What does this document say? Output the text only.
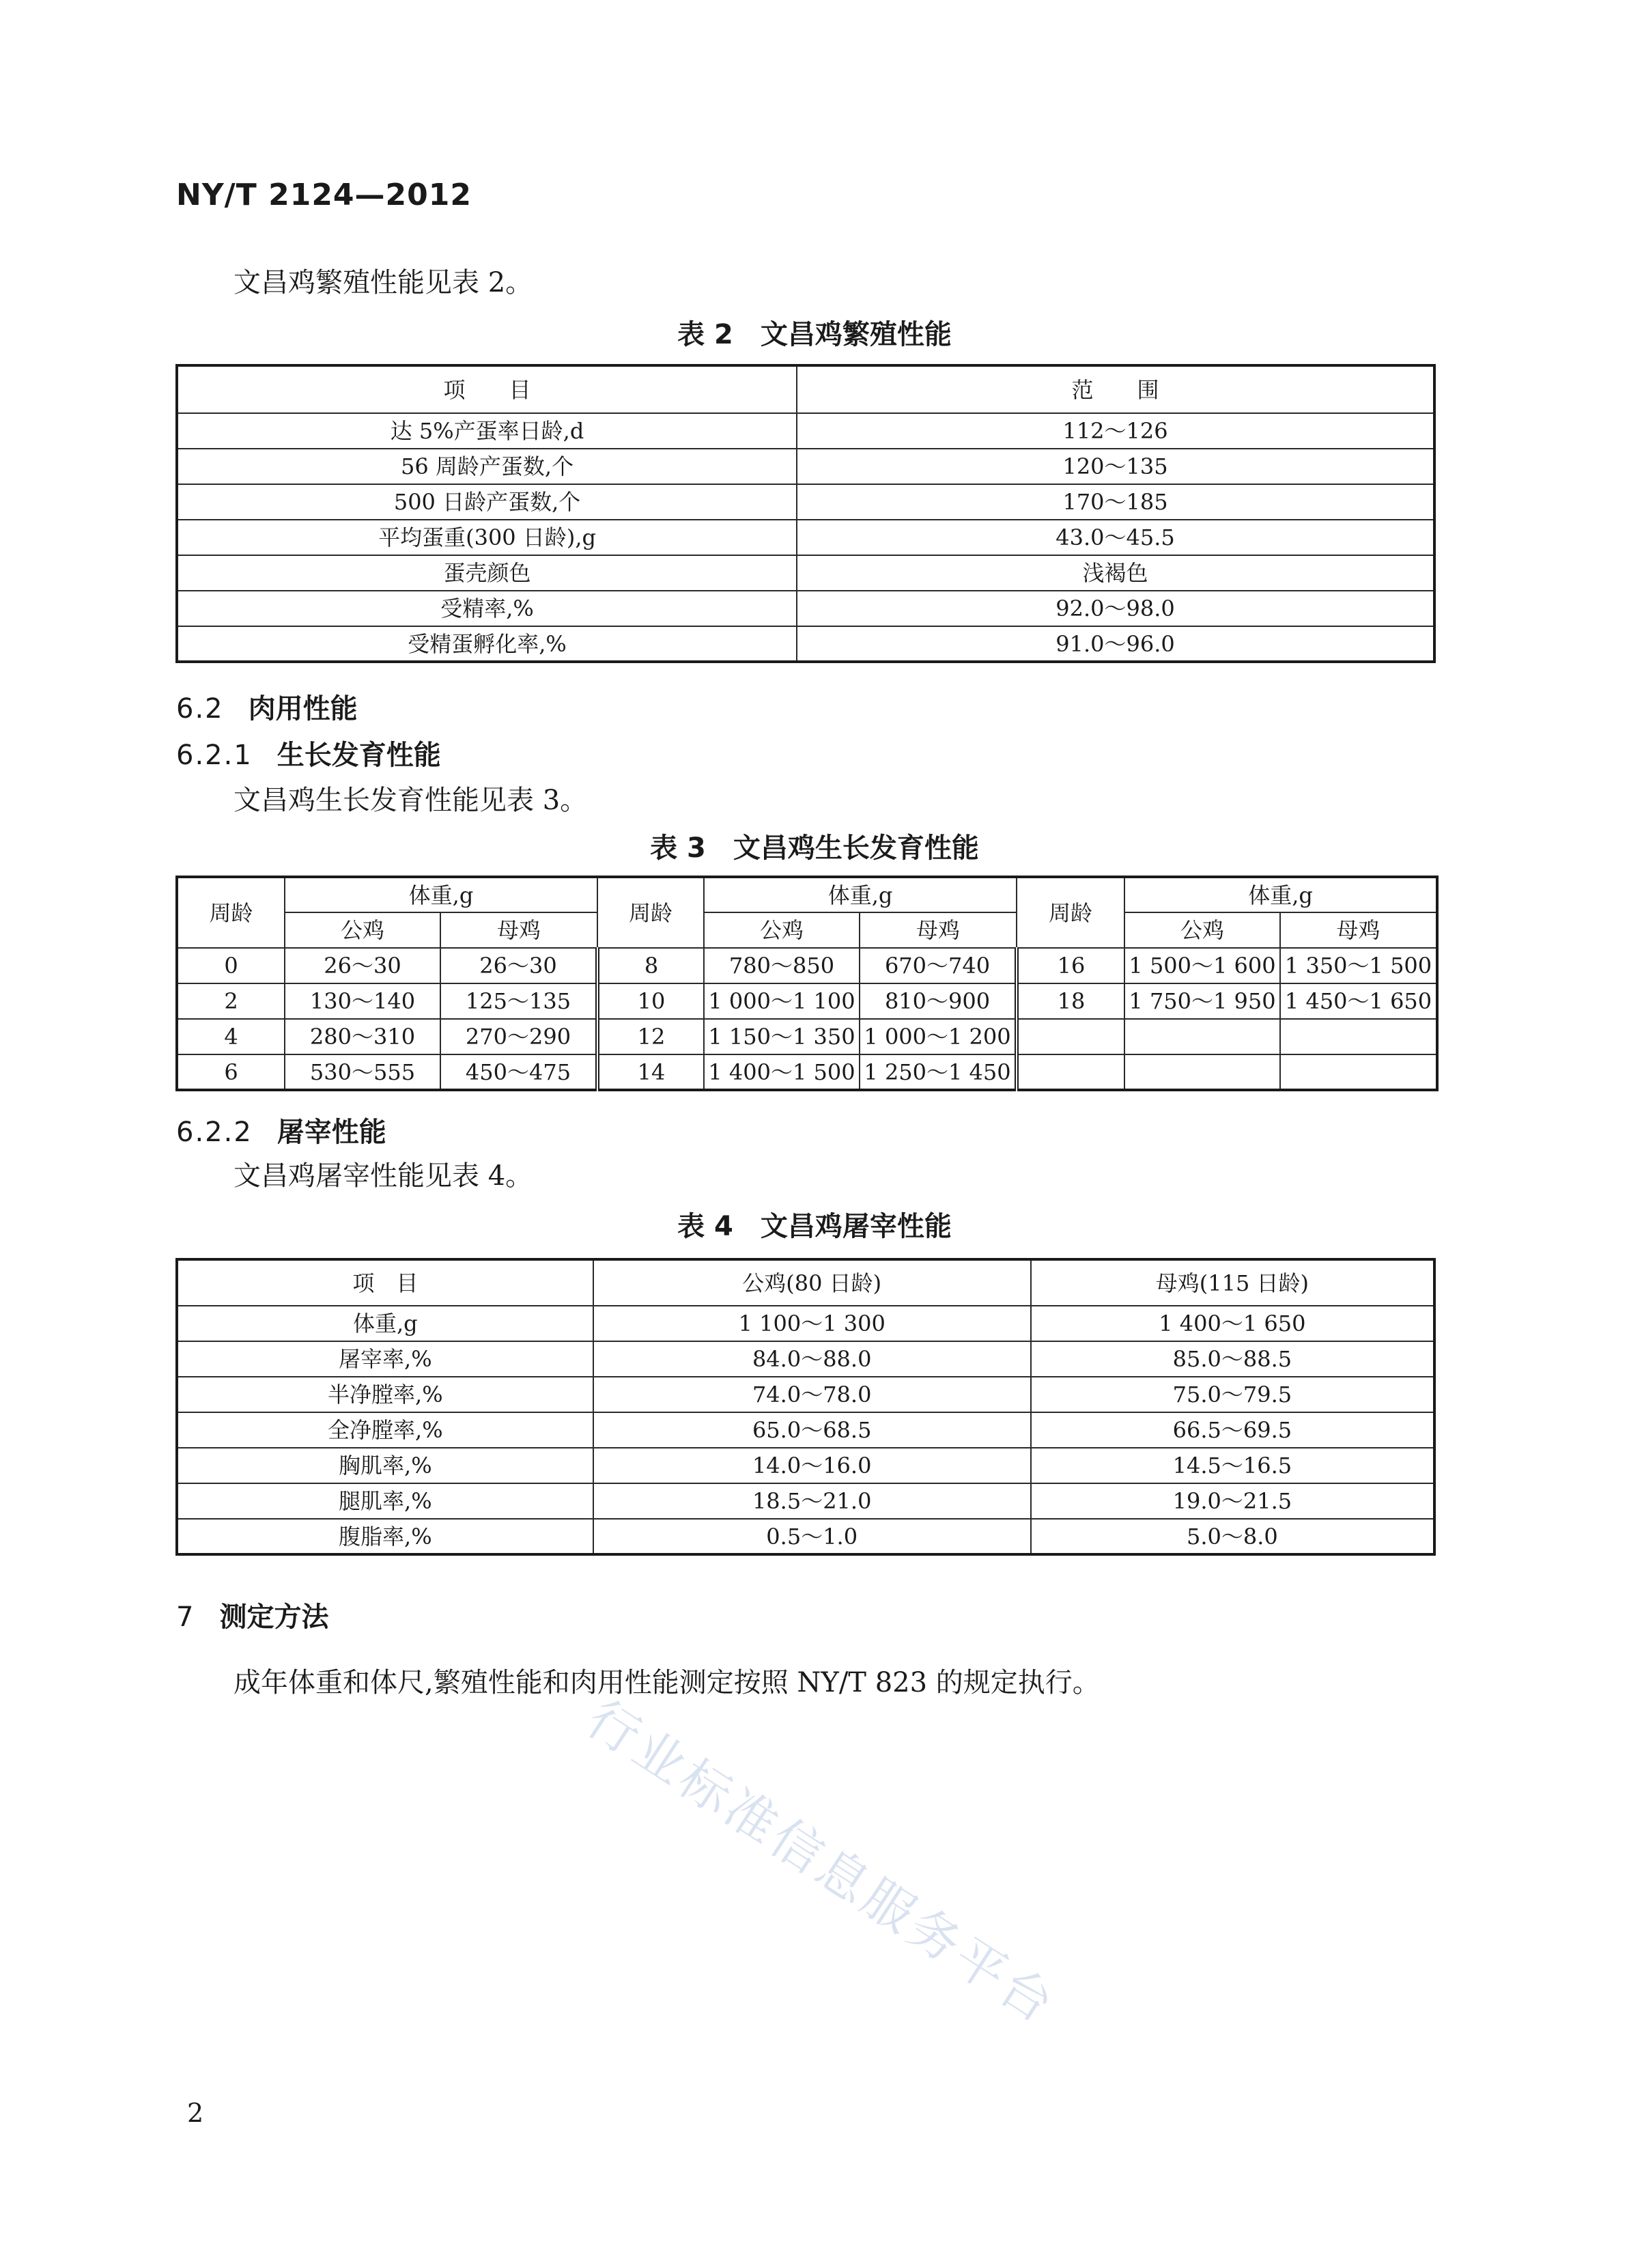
NY/T 2124—2012
文昌鸡繁殖性能见表 2。
表 2 文昌鸡繁殖性能
项　　目	范　　围
达 5%产蛋率日龄,d	112～126
56 周龄产蛋数,个	120～135
500 日龄产蛋数,个	170～185
平均蛋重(300 日龄),g	43.0～45.5
蛋壳颜色	浅褐色
受精率,%	92.0～98.0
受精蛋孵化率,%	91.0～96.0
6.2 肉用性能
6.2.1 生长发育性能
文昌鸡生长发育性能见表 3。
表 3 文昌鸡生长发育性能
周龄	体重,g		周龄	体重,g		周龄	体重,g	
	公鸡	母鸡		公鸡	母鸡		公鸡	母鸡
0	26～30	26～30	8	780～850	670～740	16	1 500～1 600	1 350～1 500
2	130～140	125～135	10	1 000～1 100	810～900	18	1 750～1 950	1 450～1 650
4	280～310	270～290	12	1 150～1 350	1 000～1 200			
6	530～555	450～475	14	1 400～1 500	1 250～1 450			
6.2.2 屠宰性能
文昌鸡屠宰性能见表 4。
表 4 文昌鸡屠宰性能
项　目	公鸡(80 日龄)	母鸡(115 日龄)
体重,g	1 100～1 300	1 400～1 650
屠宰率,%	84.0～88.0	85.0～88.5
半净膛率,%	74.0～78.0	75.0～79.5
全净膛率,%	65.0～68.5	66.5～69.5
胸肌率,%	14.0～16.0	14.5～16.5
腿肌率,%	18.5～21.0	19.0～21.5
腹脂率,%	0.5～1.0	5.0～8.0
7 测定方法
成年体重和体尺,繁殖性能和肉用性能测定按照 NY/T 823 的规定执行。
行业标准信息服务平台
2
